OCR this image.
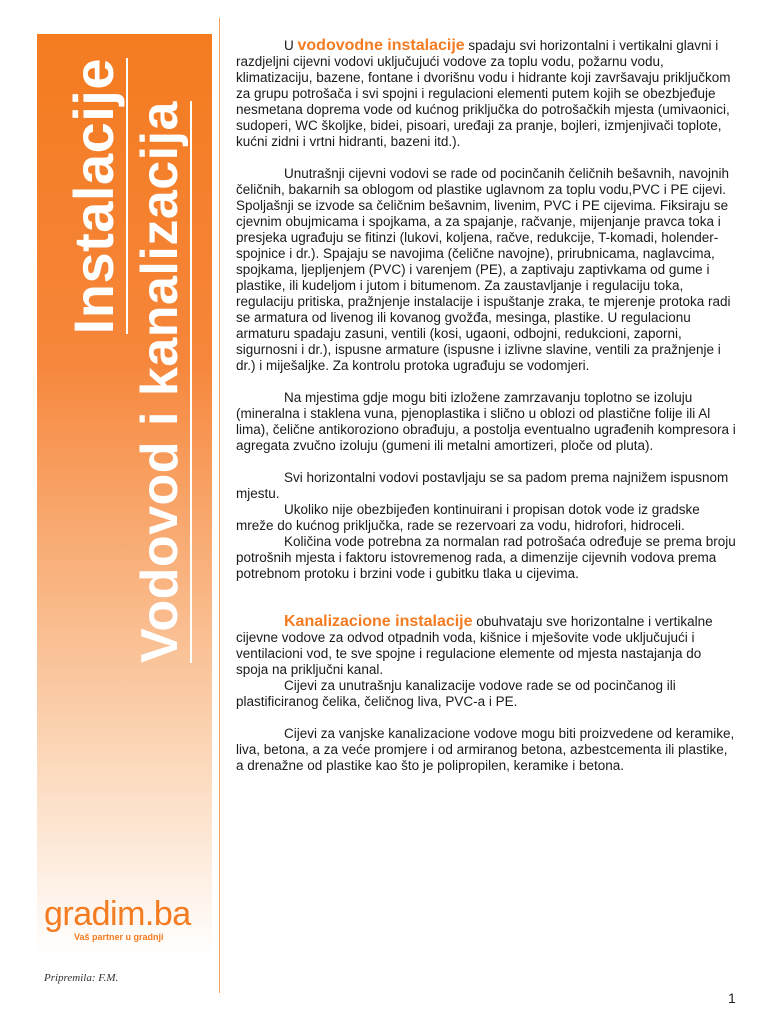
Instalacije Vodovod i kanalizacija
gradim.ba
Vaš partner u gradnji
Pripremila: F.M.
1

U vodovodne instalacije spadaju svi horizontalni i vertikalni glavni i razdjeljni cijevni vodovi uključujući vodove za toplu vodu, požarnu vodu, klimatizaciju, bazene, fontane i dvorišnu vodu i hidrante koji završavaju priključkom za grupu potrošača i svi spojni i regulacioni elementi putem kojih se obezbjeđuje nesmetana doprema vode od kućnog priključka do potrošačkih mjesta (umivaonici, sudoperi, WC školjke, bidei, pisoari, uređaji za pranje, bojleri, izmjenjivači toplote, kućni zidni i vrtni hidranti, bazeni itd.).

Unutrašnji cijevni vodovi se rade od pocinčanih čeličnih bešavnih, navojnih čeličnih, bakarnih sa oblogom od plastike uglavnom za toplu vodu,PVC i PE cijevi. Spoljašnji se izvode sa čeličnim bešavnim, livenim, PVC i PE cijevima. Fiksiraju se cjevnim obujmicama i spojkama, a za spajanje, račvanje, mijenjanje pravca toka i presjeka ugrađuju se fitinzi (lukovi, koljena, račve, redukcije, T-komadi, holender-spojnice i dr.). Spajaju se navojima (čelične navojne), prirubnicama, naglavcima, spojkama, ljepljenjem (PVC) i varenjem (PE), a zaptivaju zaptivkama od gume i plastike, ili kudeljom i jutom i bitumenom. Za zaustavljanje i regulaciju toka, regulaciju pritiska, pražnjenje instalacije i ispuštanje zraka, te mjerenje protoka radi se armatura od livenog ili kovanog gvožđa, mesinga, plastike. U regulacionu armaturu spadaju zasuni, ventili (kosi, ugaoni, odbojni, redukcioni, zaporni, sigurnosni i dr.), ispusne armature (ispusne i izlivne slavine, ventili za pražnjenje i dr.) i miješaljke. Za kontrolu protoka ugrađuju se vodomjeri.

Na mjestima gdje mogu biti izložene zamrzavanju toplotno se izoluju (mineralna i staklena vuna, pjenoplastika i slično u oblozi od plastične folije ili Al lima), čelične antikoroziono obrađuju, a postolja eventualno ugrađenih kompresora i agregata zvučno izoluju (gumeni ili metalni amortizeri, ploče od pluta).

Svi horizontalni vodovi postavljaju se sa padom prema najnižem ispusnom mjestu.

Ukoliko nije obezbijeđen kontinuirani i propisan dotok vode iz gradske mreže do kućnog priključka, rade se rezervoari za vodu, hidrofori, hidroceli.

Količina vode potrebna za normalan rad potrošaća određuje se prema broju potrošnih mjesta i faktoru istovremenog rada, a dimenzije cijevnih vodova prema potrebnom protoku i brzini vode i gubitku tlaka u cijevima.

Kanalizacione instalacije obuhvataju sve horizontalne i vertikalne cijevne vodove za odvod otpadnih voda, kišnice i mješovite vode uključujući i ventilacioni vod, te sve spojne i regulacione elemente od mjesta nastajanja do spoja na priključni kanal.

Cijevi za unutrašnju kanalizacije vodove rade se od pocinčanog ili plastificiranog čelika, čeličnog liva, PVC-a i PE.

Cijevi za vanjske kanalizacione vodove mogu biti proizvedene od keramike, liva, betona, a za veće promjere i od armiranog betona, azbestcementa ili plastike, a drenažne od plastike kao što je polipropilen, keramike i betona.
